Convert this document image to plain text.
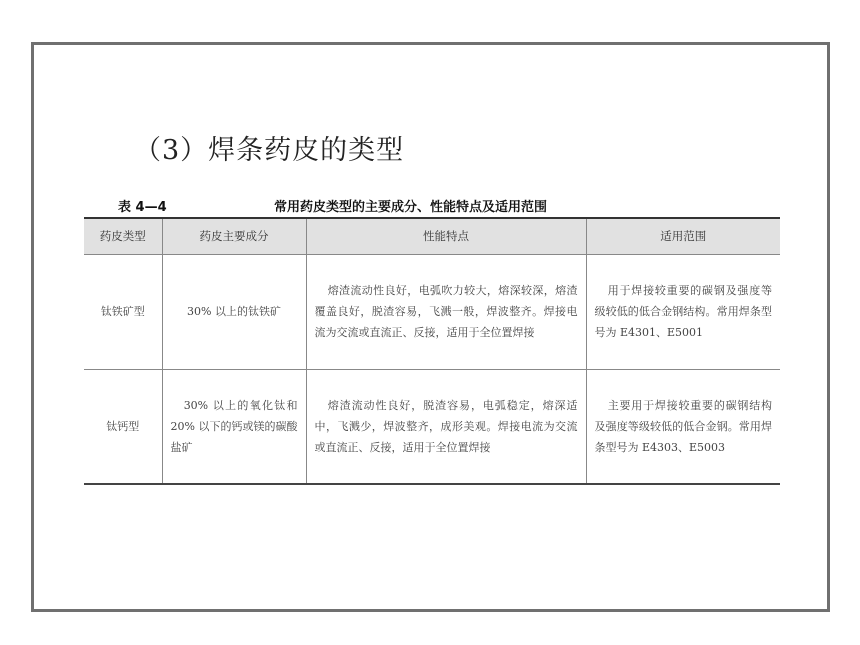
（3）焊条药皮的类型
表 4—4	常用药皮类型的主要成分、性能特点及适用范围
药皮类型	药皮主要成分	性能特点	适用范围
钛铁矿型	30% 以上的钛铁矿	熔渣流动性良好，电弧吹力较大，熔深较深，熔渣覆盖良好，脱渣容易，飞溅一般，焊波整齐。焊接电流为交流或直流正、反接，适用于全位置焊接	用于焊接较重要的碳钢及强度等级较低的低合金钢结构。常用焊条型号为 E4301、E5001
钛钙型	30% 以上的氧化钛和 20% 以下的钙或镁的碳酸盐矿	熔渣流动性良好，脱渣容易，电弧稳定，熔深适中，飞溅少，焊波整齐，成形美观。焊接电流为交流或直流正、反接，适用于全位置焊接	主要用于焊接较重要的碳钢结构及强度等级较低的低合金钢。常用焊条型号为 E4303、E5003
